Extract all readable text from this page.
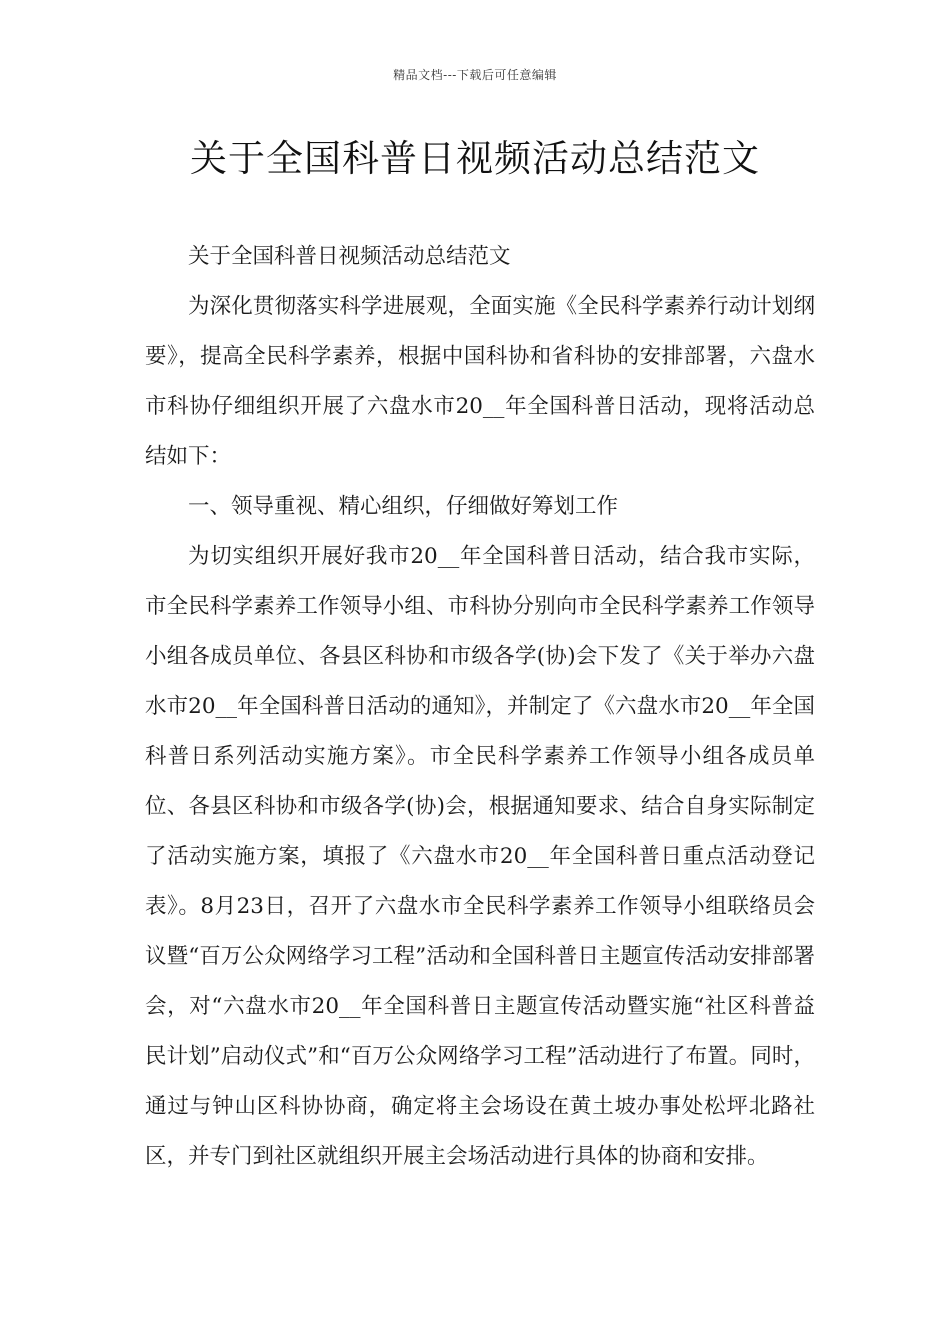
精品文档---下载后可任意编辑
关于全国科普日视频活动总结范文

关于全国科普日视频活动总结范文

为深化贯彻落实科学进展观，全面实施《全民科学素养行动计划纲要》，提高全民科学素养，根据中国科协和省科协的安排部署，六盘水市科协仔细组织开展了六盘水市20__年全国科普日活动，现将活动总结如下：

一、领导重视、精心组织，仔细做好筹划工作

为切实组织开展好我市20__年全国科普日活动，结合我市实际，市全民科学素养工作领导小组、市科协分别向市全民科学素养工作领导小组各成员单位、各县区科协和市级各学(协)会下发了《关于举办六盘水市20__年全国科普日活动的通知》，并制定了《六盘水市20__年全国科普日系列活动实施方案》。市全民科学素养工作领导小组各成员单位、各县区科协和市级各学(协)会，根据通知要求、结合自身实际制定了活动实施方案，填报了《六盘水市20__年全国科普日重点活动登记表》。8月23日，召开了六盘水市全民科学素养工作领导小组联络员会议暨“百万公众网络学习工程”活动和全国科普日主题宣传活动安排部署会，对“六盘水市20__年全国科普日主题宣传活动暨实施“社区科普益民计划”启动仪式”和“百万公众网络学习工程”活动进行了布置。同时，通过与钟山区科协协商，确定将主会场设在黄土坡办事处松坪北路社区，并专门到社区就组织开展主会场活动进行具体的协商和安排。
